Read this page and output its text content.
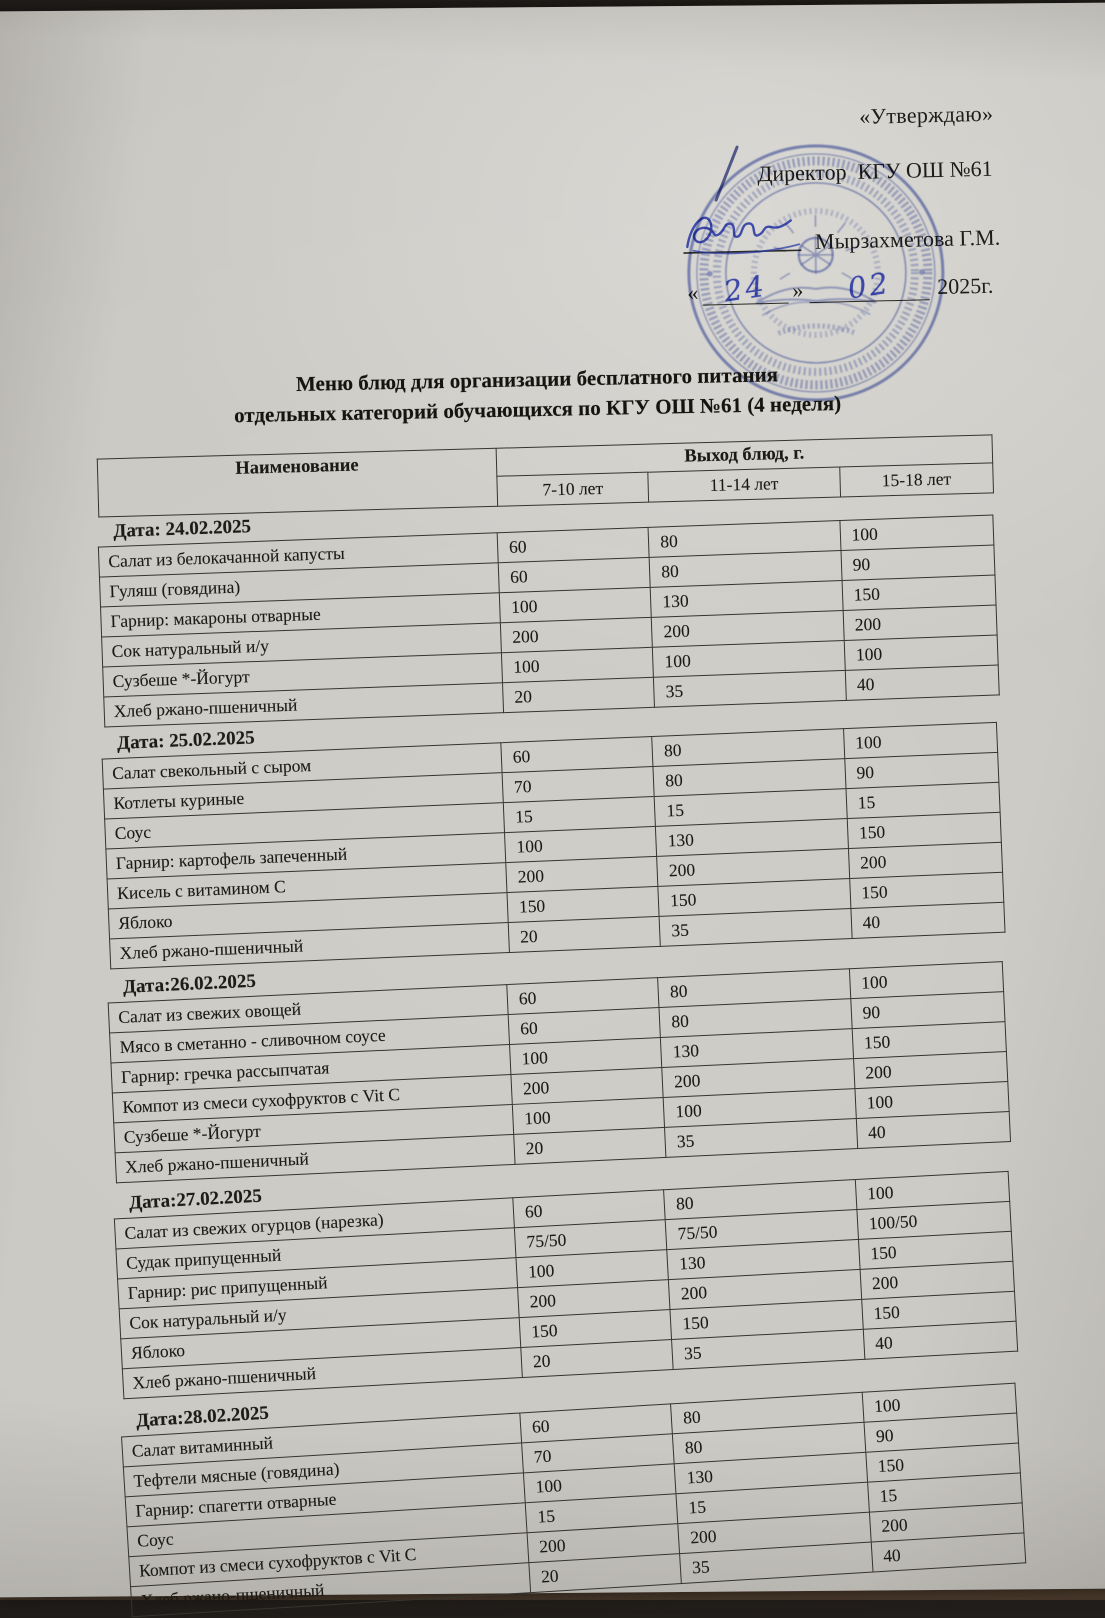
«Утверждаю»
Директор  КГУ ОШ №61
Мырзахметова Г.М.
« 24 » 02 2025г.
Меню блюд для организации бесплатного питания
отдельных категорий обучающихся по КГУ ОШ №61 (4 неделя)
Наименование	Выход блюд, г.		
	7-10 лет	11-14 лет	15-18 лет
Дата: 24.02.2025
Салат из белокачанной капусты	60	80	100
Гуляш (говядина)	60	80	90
Гарнир: макароны отварные	100	130	150
Сок натуральный и/у	200	200	200
Сузбеше *-Йогурт	100	100	100
Хлеб ржано-пшеничный	20	35	40
Дата: 25.02.2025
Салат свекольный с сыром	60	80	100
Котлеты куриные	70	80	90
Соус	15	15	15
Гарнир: картофель запеченный	100	130	150
Кисель с витамином С	200	200	200
Яблоко	150	150	150
Хлеб ржано-пшеничный	20	35	40
Дата:26.02.2025
Салат из свежих овощей	60	80	100
Мясо в сметанно - сливочном соусе	60	80	90
Гарнир: гречка рассыпчатая	100	130	150
Компот из смеси сухофруктов с Vit C	200	200	200
Сузбеше *-Йогурт	100	100	100
Хлеб ржано-пшеничный	20	35	40
Дата:27.02.2025
Салат из свежих огурцов (нарезка)	60	80	100
Судак припущенный	75/50	75/50	100/50
Гарнир: рис припущенный	100	130	150
Сок натуральный и/у	200	200	200
Яблоко	150	150	150
Хлеб ржано-пшеничный	20	35	40
Дата:28.02.2025
Салат витаминный	60	80	100
Тефтели мясные (говядина)	70	80	90
Гарнир: спагетти отварные	100	130	150
Соус	15	15	15
Компот из смеси сухофруктов с Vit C	200	200	200
Хлеб ржано-пшеничный	20	35	40
